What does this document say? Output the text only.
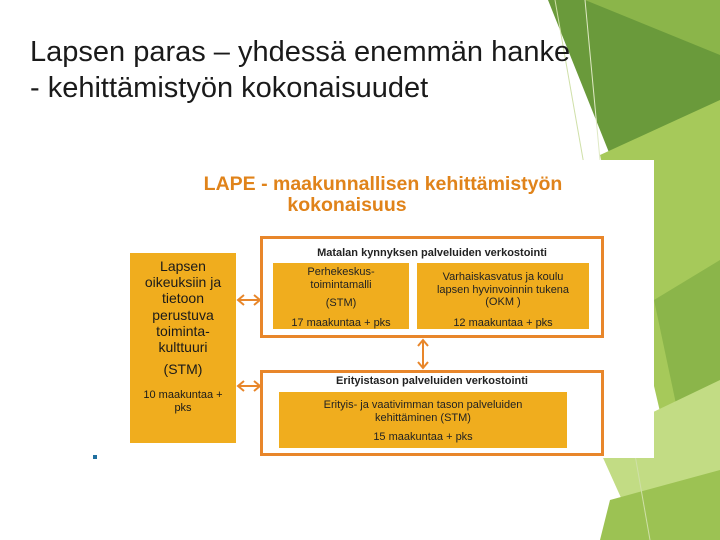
Lapsen paras – yhdessä enemmän hanke
- kehittämistyön kokonaisuudet
LAPE - maakunnallisen kehittämistyön
kokonaisuus
Lapsen
oikeuksiin ja
tietoon
perustuva
toiminta-
kulttuuri
(STM)
10 maakuntaa +
pks
Matalan kynnyksen palveluiden verkostointi
Perhekeskus-
toimintamalli
(STM)
17 maakuntaa + pks
Varhaiskasvatus ja koulu
lapsen hyvinvoinnin tukena
(OKM )
12 maakuntaa + pks
Erityistason palveluiden verkostointi
Erityis- ja vaativimman tason palveluiden
kehittäminen (STM)
15 maakuntaa + pks
